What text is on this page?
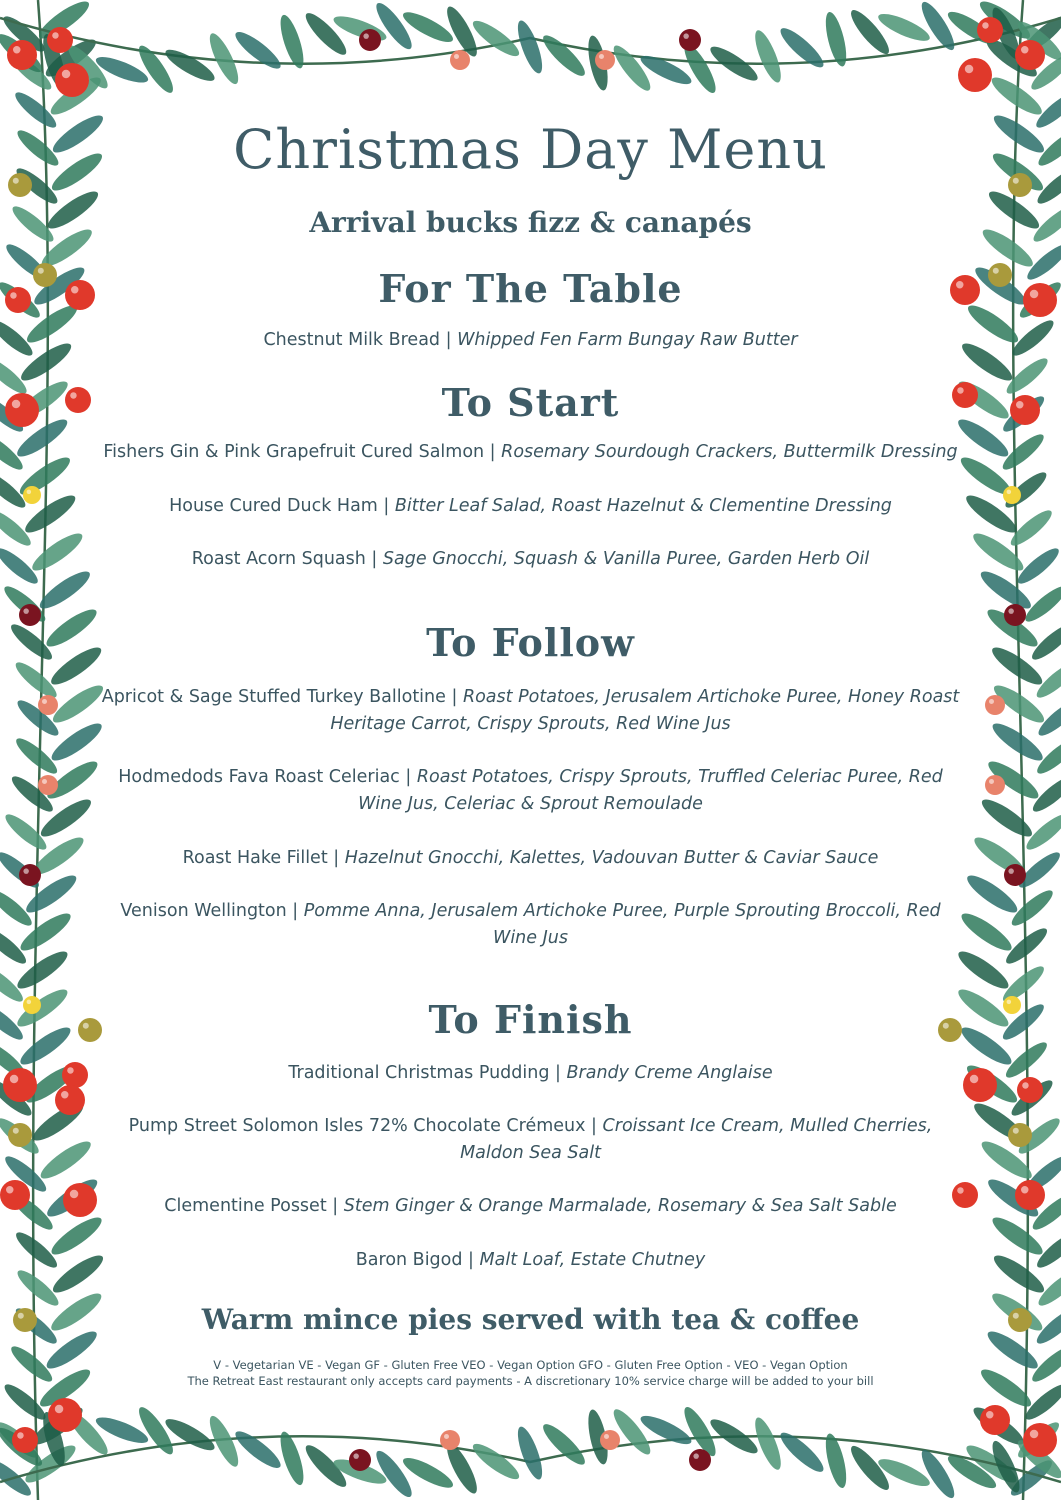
Christmas Day Menu
Arrival bucks fizz & canapés
For The Table
Chestnut Milk Bread | Whipped Fen Farm Bungay Raw Butter
To Start
Fishers Gin & Pink Grapefruit Cured Salmon | Rosemary Sourdough Crackers, Buttermilk Dressing
House Cured Duck Ham | Bitter Leaf Salad, Roast Hazelnut & Clementine Dressing
Roast Acorn Squash | Sage Gnocchi, Squash & Vanilla Puree, Garden Herb Oil
To Follow
Apricot & Sage Stuffed Turkey Ballotine | Roast Potatoes, Jerusalem Artichoke Puree, Honey Roast Heritage Carrot, Crispy Sprouts, Red Wine Jus
Hodmedods Fava Roast Celeriac | Roast Potatoes, Crispy Sprouts, Truffled Celeriac Puree, Red Wine Jus, Celeriac & Sprout Remoulade
Roast Hake Fillet | Hazelnut Gnocchi, Kalettes, Vadouvan Butter & Caviar Sauce
Venison Wellington | Pomme Anna, Jerusalem Artichoke Puree, Purple Sprouting Broccoli, Red Wine Jus
To Finish
Traditional Christmas Pudding | Brandy Creme Anglaise
Pump Street Solomon Isles 72% Chocolate Crémeux | Croissant Ice Cream, Mulled Cherries, Maldon Sea Salt
Clementine Posset | Stem Ginger & Orange Marmalade, Rosemary & Sea Salt Sable
Baron Bigod | Malt Loaf, Estate Chutney
Warm mince pies served with tea & coffee
V - Vegetarian VE - Vegan GF - Gluten Free VEO - Vegan Option GFO - Gluten Free Option - VEO - Vegan Option
The Retreat East restaurant only accepts card payments - A discretionary 10% service charge will be added to your bill
